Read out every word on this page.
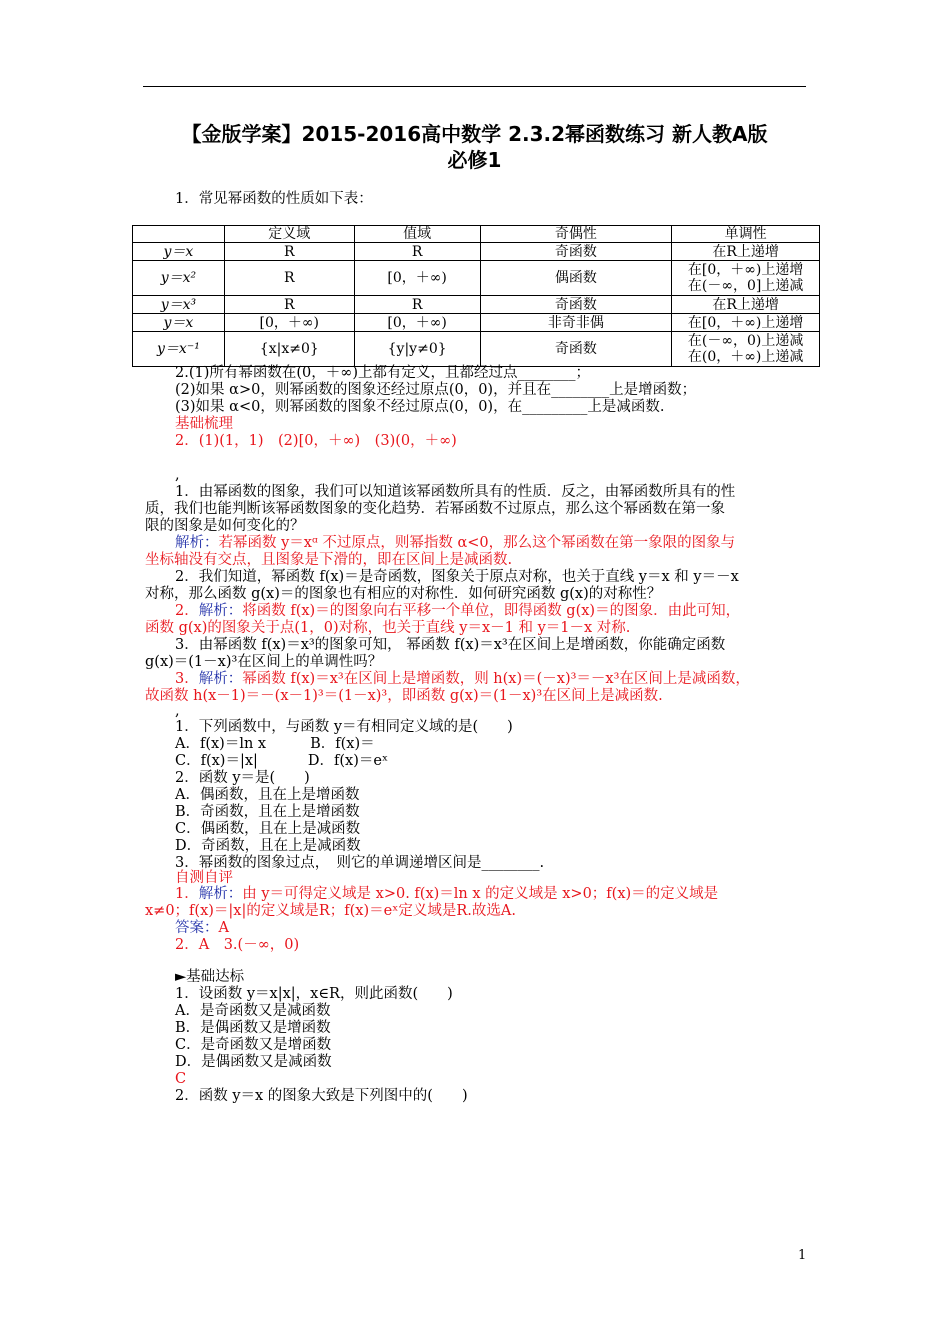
【金版学案】2015-2016高中数学 2.3.2幂函数练习 新人教A版
必修1
1．常见幂函数的性质如下表：
	定义域	值域	奇偶性	单调性
y＝x	R	R	奇函数	在R上递增
y＝x²	R	[0，＋∞)	偶函数	在[0，＋∞)上递增
在(－∞，0]上递减

y＝x³	R	R	奇函数	在R上递增
y＝x	[0，＋∞)	[0，＋∞)	非奇非偶	在[0，＋∞)上递增
y＝x⁻¹	{x|x≠0}	{y|y≠0}	奇函数	在(－∞，0)上递减
在(0，＋∞)上递减
2.(1)所有幂函数在(0，＋∞)上都有定义，且都经过点________；
(2)如果 α>0，则幂函数的图象还经过原点(0，0)，并且在________上是增函数；
(3)如果 α<0，则幂函数的图象不经过原点(0，0)，在_________上是减函数.
基础梳理
2．(1)(1，1)　(2)[0，＋∞)　(3)(0，＋∞)
,
1．由幂函数的图象，我们可以知道该幂函数所具有的性质．反之，由幂函数所具有的性
质，我们也能判断该幂函数图象的变化趋势．若幂函数不过原点，那么这个幂函数在第一象
限的图象是如何变化的？
解析：若幂函数 y＝xᵅ 不过原点，则幂指数 α<0，那么这个幂函数在第一象限的图象与
坐标轴没有交点，且图象是下滑的，即在区间上是减函数.
2．我们知道，幂函数 f(x)＝是奇函数，图象关于原点对称，也关于直线 y＝x 和 y＝－x
对称，那么函数 g(x)＝的图象也有相应的对称性．如何研究函数 g(x)的对称性？
2．解析：将函数 f(x)＝的图象向右平移一个单位，即得函数 g(x)＝的图象．由此可知，
函数 g(x)的图象关于点(1，0)对称，也关于直线 y＝x－1 和 y＝1－x 对称.
3．由幂函数 f(x)＝x³的图象可知， 幂函数 f(x)＝x³在区间上是增函数，你能确定函数
g(x)＝(1－x)³在区间上的单调性吗？
3．解析：幂函数 f(x)＝x³在区间上是增函数，则 h(x)＝(－x)³＝－x³在区间上是减函数，
故函数 h(x－1)＝－(x－1)³＝(1－x)³，即函数 g(x)＝(1－x)³在区间上是减函数.
,
1．下列函数中，与函数 y＝有相同定义域的是(　　)
A．f(x)＝ln x	B．f(x)＝
C．f(x)＝|x|	D．f(x)＝eˣ
2．函数 y＝是(　　)
A．偶函数，且在上是增函数
B．奇函数，且在上是增函数
C．偶函数，且在上是减函数
D．奇函数，且在上是减函数
3．幂函数的图象过点，　则它的单调递增区间是________.
自测自评
1．解析：由 y＝可得定义域是 x>0. f(x)＝ln x 的定义域是 x>0；f(x)＝的定义域是
x≠0；f(x)＝|x|的定义域是R；f(x)＝eˣ定义域是R.故选A.
答案：A
2．A　3.(－∞，0)
►基础达标
1．设函数 y＝x|x|，x∈R，则此函数(　　)
A．是奇函数又是减函数
B．是偶函数又是增函数
C．是奇函数又是增函数
D．是偶函数又是减函数
C
2．函数 y＝x 的图象大致是下列图中的(　　)
1
